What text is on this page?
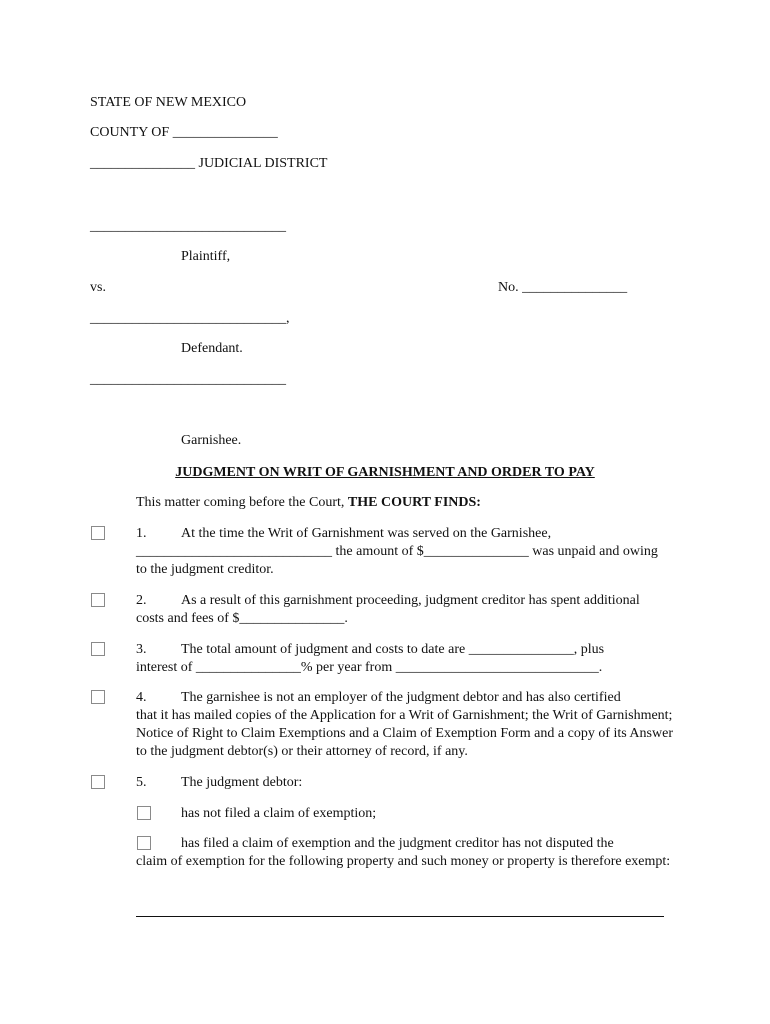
STATE OF NEW MEXICO
COUNTY OF _______________
_______________ JUDICIAL DISTRICT
____________________________
Plaintiff,
vs.	No. _______________
____________________________,
Defendant.
____________________________
Garnishee.
JUDGMENT ON WRIT OF GARNISHMENT AND ORDER TO PAY
This matter coming before the Court, THE COURT FINDS:
1. At the time the Writ of Garnishment was served on the Garnishee,
____________________________ the amount of $_______________ was unpaid and owing to the judgment creditor.
2. As a result of this garnishment proceeding, judgment creditor has spent additional
costs and fees of $_______________.
3. The total amount of judgment and costs to date are _______________, plus
interest of _______________% per year from _____________________________.
4. The garnishee is not an employer of the judgment debtor and has also certified
that it has mailed copies of the Application for a Writ of Garnishment; the Writ of Garnishment; Notice of Right to Claim Exemptions and a Claim of Exemption Form and a copy of its Answer to the judgment debtor(s) or their attorney of record, if any.
5. The judgment debtor:
has not filed a claim of exemption;
has filed a claim of exemption and the judgment creditor has not disputed the
claim of exemption for the following property and such money or property is therefore exempt:
